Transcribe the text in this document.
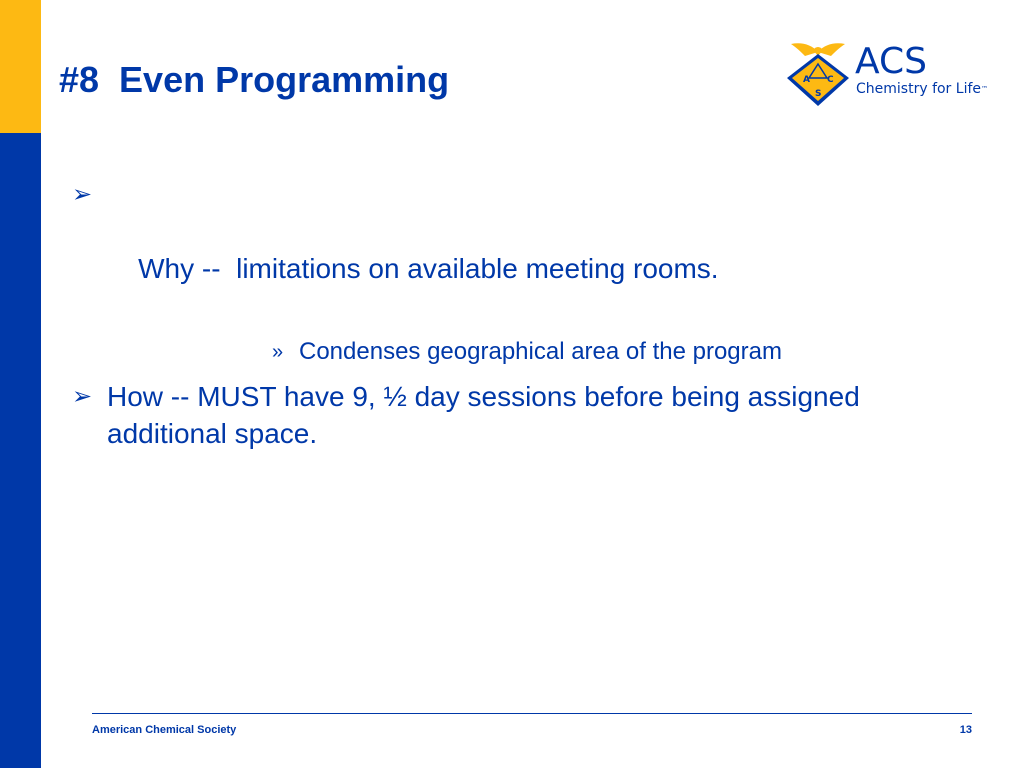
#8  Even Programming	A C
S
ACS
Chemistry for Life™

➢

Why --  limitations on available meeting rooms.

» Condenses geographical area of the program
➢ How -- MUST have 9, ½ day sessions before being assigned additional space.
American Chemical Society	13
